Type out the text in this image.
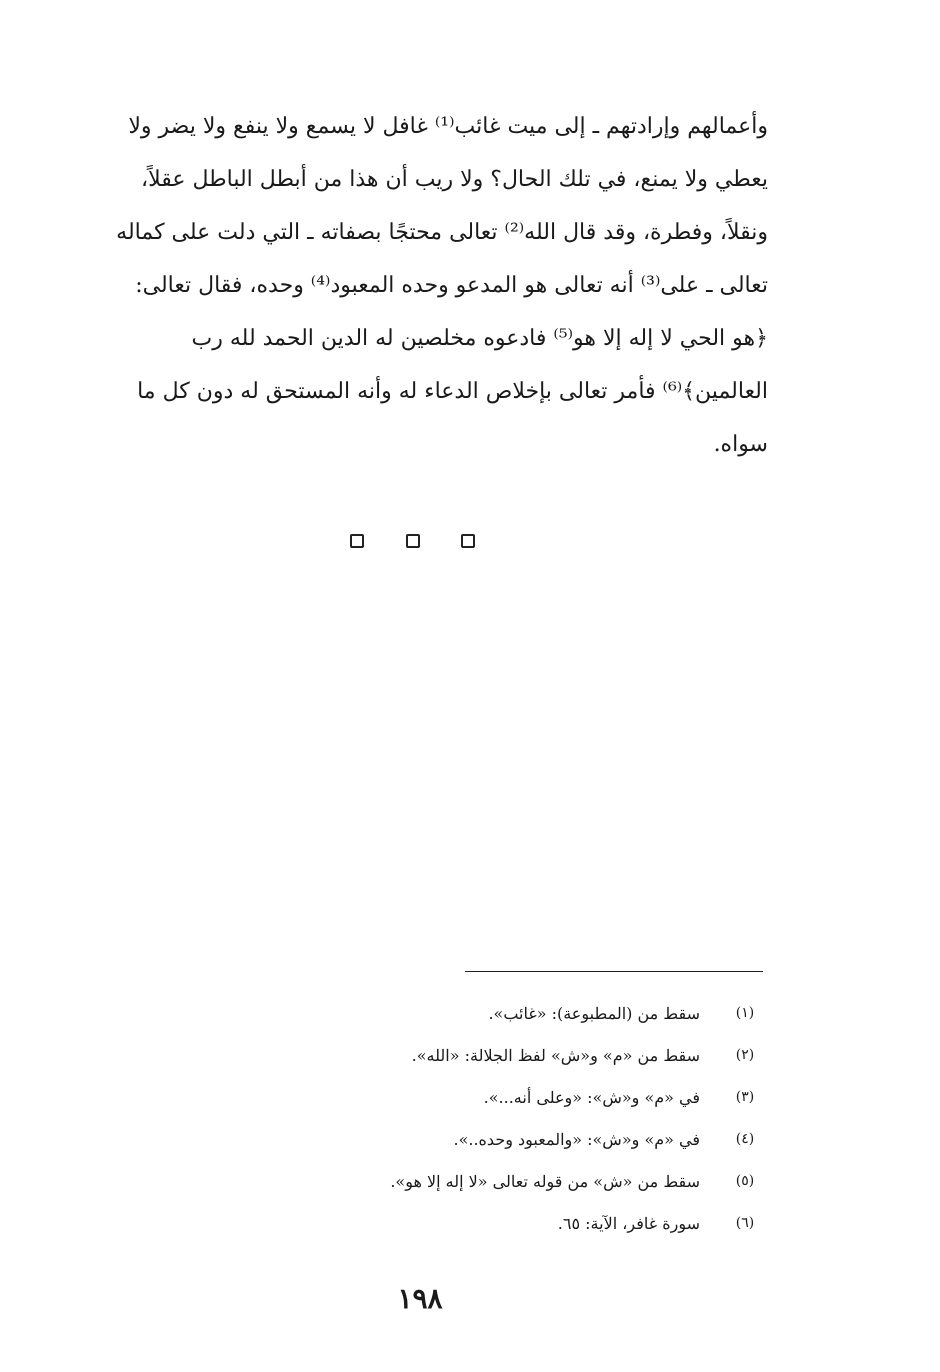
وأعمالهم وإرادتهم ـ إلى ميت غائب⁽¹⁾ غافل لا يسمع ولا ينفع ولا يضر ولا
يعطي ولا يمنع، في تلك الحال؟ ولا ريب أن هذا من أبطل الباطل عقلاً،
ونقلاً، وفطرة، وقد قال الله⁽²⁾ تعالى محتجًا بصفاته ـ التي دلت على كماله
تعالى ـ على⁽³⁾ أنه تعالى هو المدعو وحده المعبود⁽⁴⁾ وحده، فقال تعالى:
﴿هو الحي لا إله إلا هو⁽⁵⁾ فادعوه مخلصين له الدين الحمد لله رب
العالمين﴾⁽⁶⁾ فأمر تعالى بإخلاص الدعاء له وأنه المستحق له دون كل ما
سواه.
(١)
سقط من (المطبوعة): «غائب».
(٢)
سقط من «م» و«ش» لفظ الجلالة: «الله».
(٣)
في «م» و«ش»: «وعلى أنه...».
(٤)
في «م» و«ش»: «والمعبود وحده..».
(٥)
سقط من «ش» من قوله تعالى «لا إله إلا هو».
(٦)
سورة غافر، الآية: ٦٥.
١٩٨
